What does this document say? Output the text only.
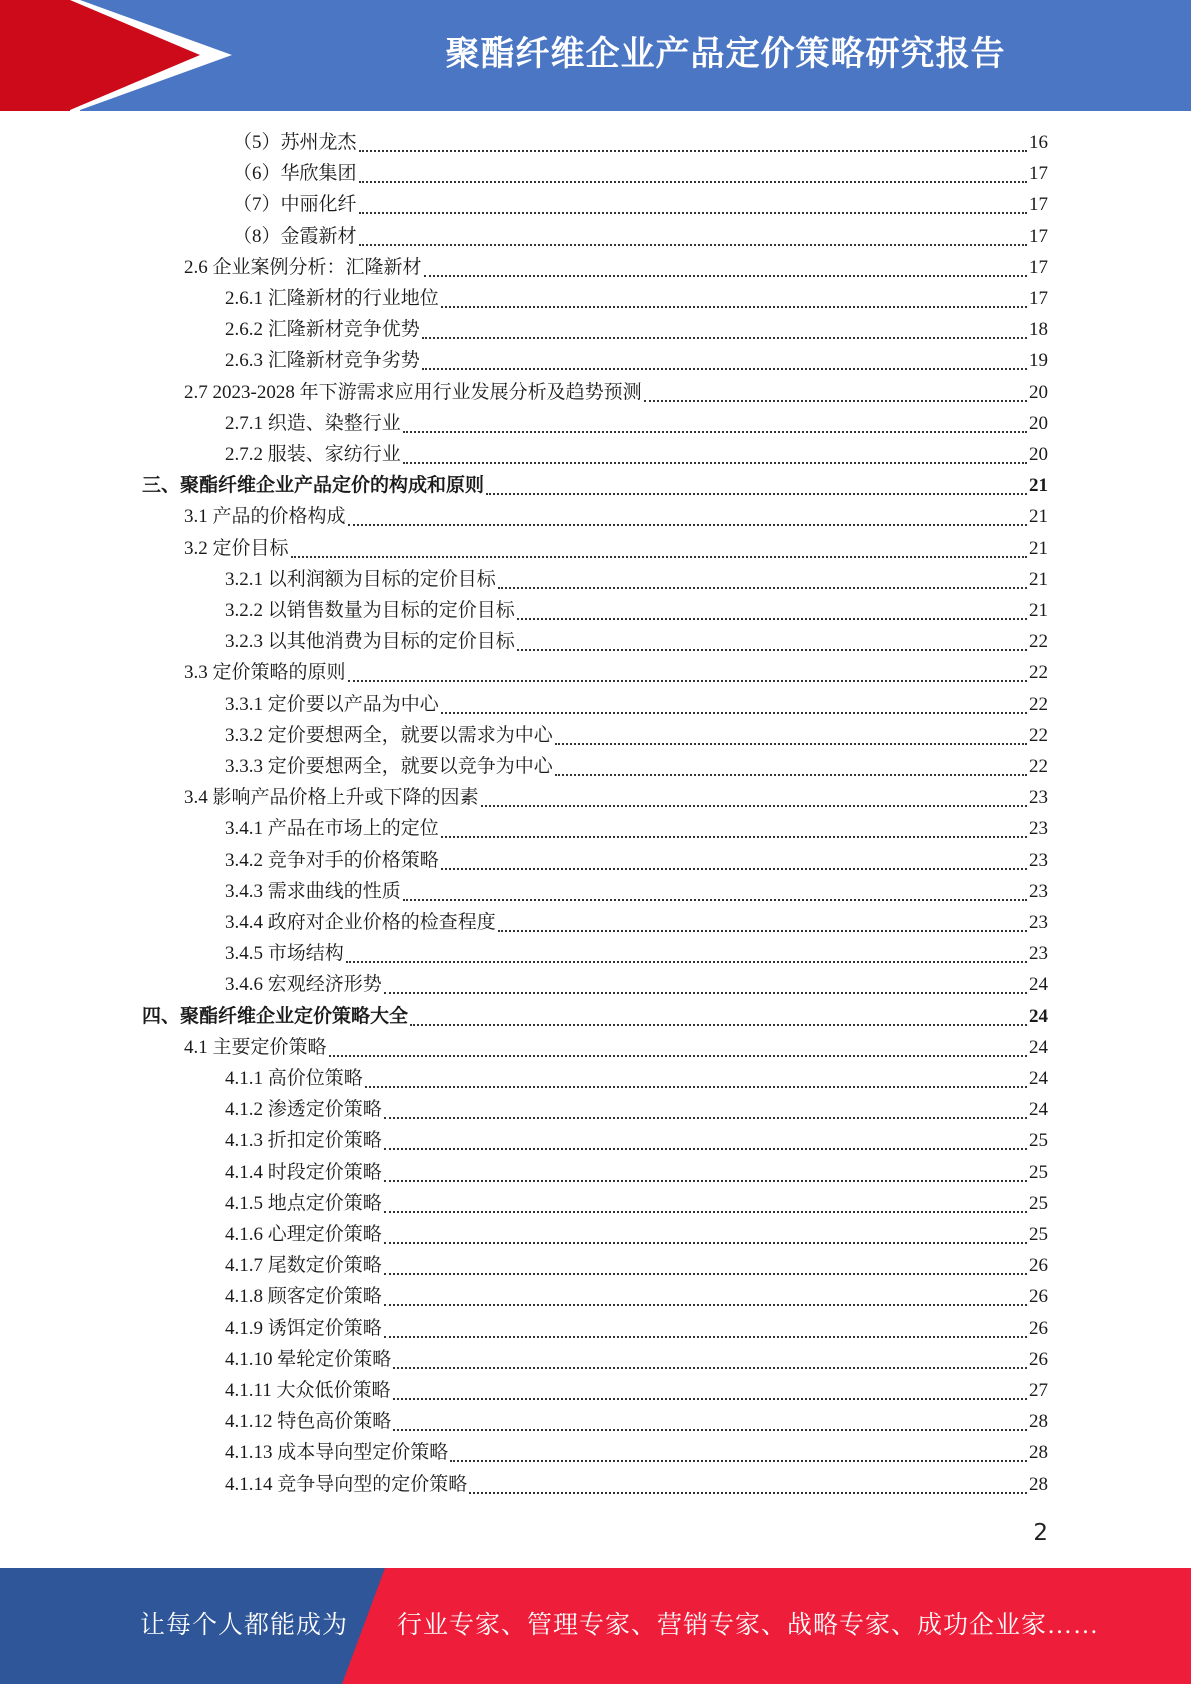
聚酯纤维企业产品定价策略研究报告
（5）苏州龙杰	16
（6）华欣集团	17
（7）中丽化纤	17
（8）金霞新材	17
2.6 企业案例分析：汇隆新材	17
2.6.1 汇隆新材的行业地位	17
2.6.2 汇隆新材竞争优势	18
2.6.3 汇隆新材竞争劣势	19
2.7 2023-2028 年下游需求应用行业发展分析及趋势预测	20
2.7.1 织造、染整行业	20
2.7.2 服装、家纺行业	20
三、聚酯纤维企业产品定价的构成和原则	21
3.1 产品的价格构成	21
3.2 定价目标	21
3.2.1 以利润额为目标的定价目标	21
3.2.2 以销售数量为目标的定价目标	21
3.2.3 以其他消费为目标的定价目标	22
3.3 定价策略的原则	22
3.3.1 定价要以产品为中心	22
3.3.2 定价要想两全，就要以需求为中心	22
3.3.3 定价要想两全，就要以竞争为中心	22
3.4 影响产品价格上升或下降的因素	23
3.4.1 产品在市场上的定位	23
3.4.2 竞争对手的价格策略	23
3.4.3 需求曲线的性质	23
3.4.4 政府对企业价格的检查程度	23
3.4.5 市场结构	23
3.4.6 宏观经济形势	24
四、聚酯纤维企业定价策略大全	24
4.1 主要定价策略	24
4.1.1 高价位策略	24
4.1.2 渗透定价策略	24
4.1.3 折扣定价策略	25
4.1.4 时段定价策略	25
4.1.5 地点定价策略	25
4.1.6 心理定价策略	25
4.1.7 尾数定价策略	26
4.1.8 顾客定价策略	26
4.1.9 诱饵定价策略	26
4.1.10 晕轮定价策略	26
4.1.11 大众低价策略	27
4.1.12 特色高价策略	28
4.1.13 成本导向型定价策略	28
4.1.14 竞争导向型的定价策略	28
2
让每个人都能成为 行业专家、管理专家、营销专家、战略专家、成功企业家……
